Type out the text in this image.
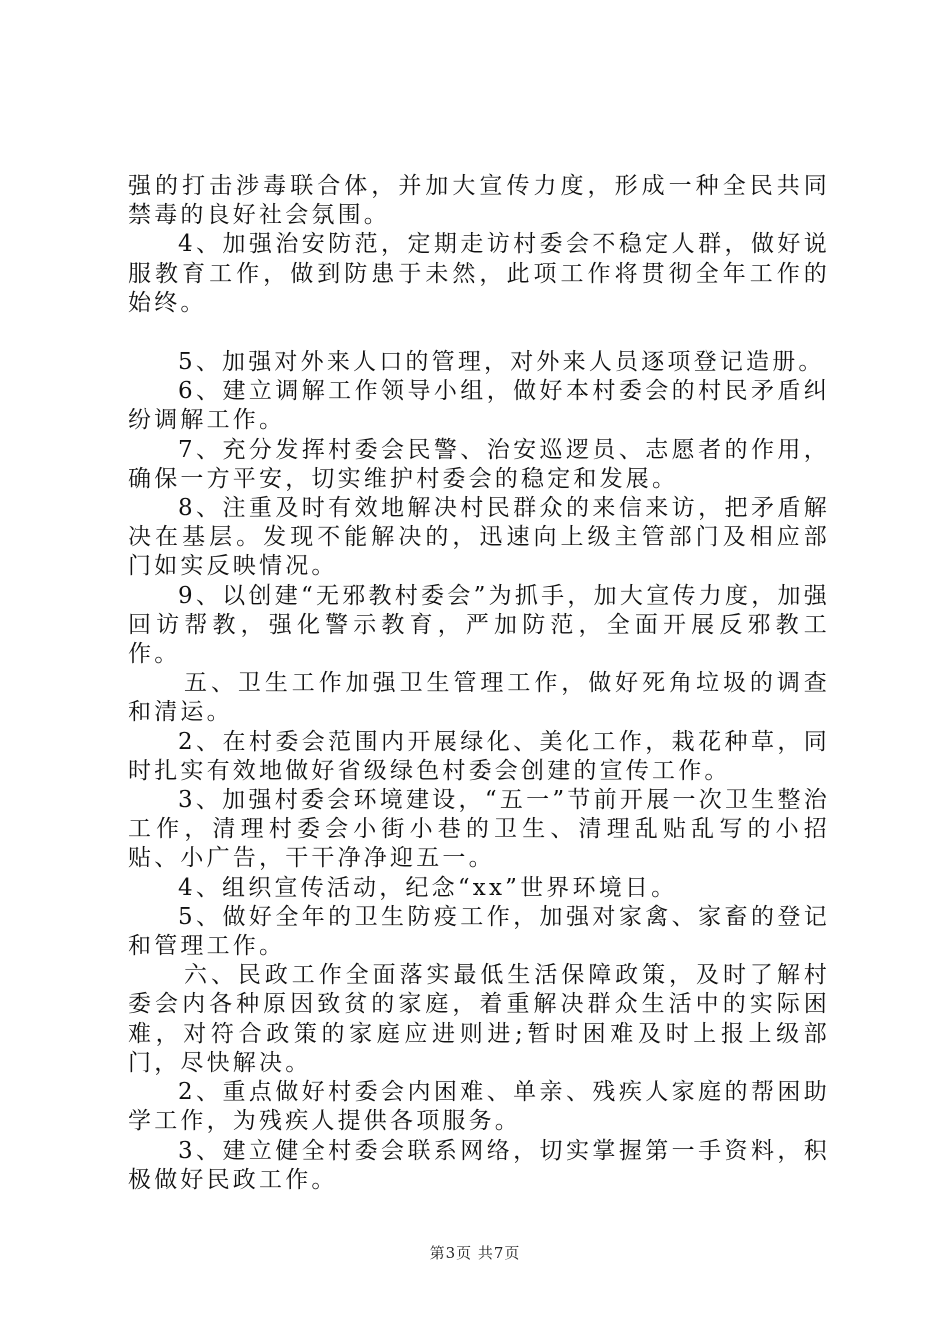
强的打击涉毒联合体，并加大宣传力度，形成一种全民共同禁毒的良好社会氛围。

4、加强治安防范，定期走访村委会不稳定人群，做好说服教育工作，做到防患于未然，此项工作将贯彻全年工作的始终。

5、加强对外来人口的管理，对外来人员逐项登记造册。

6、建立调解工作领导小组，做好本村委会的村民矛盾纠纷调解工作。

7、充分发挥村委会民警、治安巡逻员、志愿者的作用，确保一方平安，切实维护村委会的稳定和发展。

8、注重及时有效地解决村民群众的来信来访，把矛盾解决在基层。发现不能解决的，迅速向上级主管部门及相应部门如实反映情况。

9、以创建“无邪教村委会”为抓手，加大宣传力度，加强回访帮教，强化警示教育，严加防范，全面开展反邪教工作。

五、卫生工作加强卫生管理工作，做好死角垃圾的调查和清运。

2、在村委会范围内开展绿化、美化工作，栽花种草，同时扎实有效地做好省级绿色村委会创建的宣传工作。

3、加强村委会环境建设，“五一”节前开展一次卫生整治工作，清理村委会小街小巷的卫生、清理乱贴乱写的小招贴、小广告，干干净净迎五一。

4、组织宣传活动，纪念“xx”世界环境日。

5、做好全年的卫生防疫工作，加强对家禽、家畜的登记和管理工作。

六、民政工作全面落实最低生活保障政策，及时了解村委会内各种原因致贫的家庭，着重解决群众生活中的实际困难，对符合政策的家庭应进则进;暂时困难及时上报上级部门，尽快解决。

2、重点做好村委会内困难、单亲、残疾人家庭的帮困助学工作，为残疾人提供各项服务。

3、建立健全村委会联系网络，切实掌握第一手资料，积极做好民政工作。

第3页 共7页
